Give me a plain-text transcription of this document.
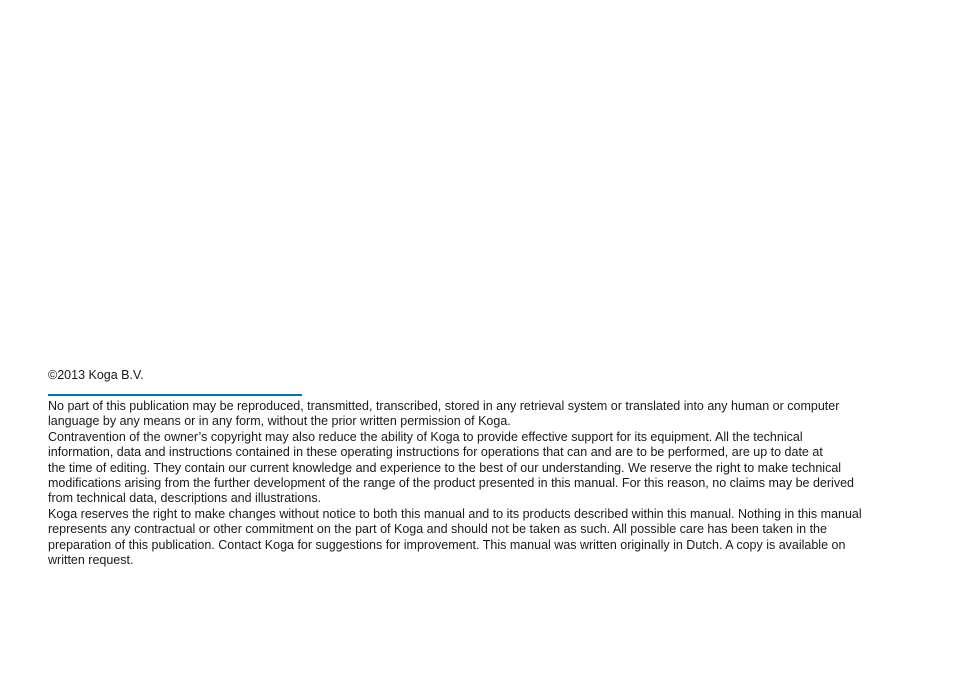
©2013 Koga B.V.

No part of this publication may be reproduced, transmitted, transcribed, stored in any retrieval system or translated into any human or computer
language by any means or in any form, without the prior written permission of Koga.

Contravention of the owner’s copyright may also reduce the ability of Koga to provide effective support for its equipment. All the technical
information, data and instructions contained in these operating instructions for operations that can and are to be performed, are up to date at
the time of editing. They contain our current knowledge and experience to the best of our understanding. We reserve the right to make technical
modifications arising from the further development of the range of the product presented in this manual. For this reason, no claims may be derived
from technical data, descriptions and illustrations.

Koga reserves the right to make changes without notice to both this manual and to its products described within this manual. Nothing in this manual
represents any contractual or other commitment on the part of Koga and should not be taken as such. All possible care has been taken in the
preparation of this publication. Contact Koga for suggestions for improvement. This manual was written originally in Dutch. A copy is available on
written request.
